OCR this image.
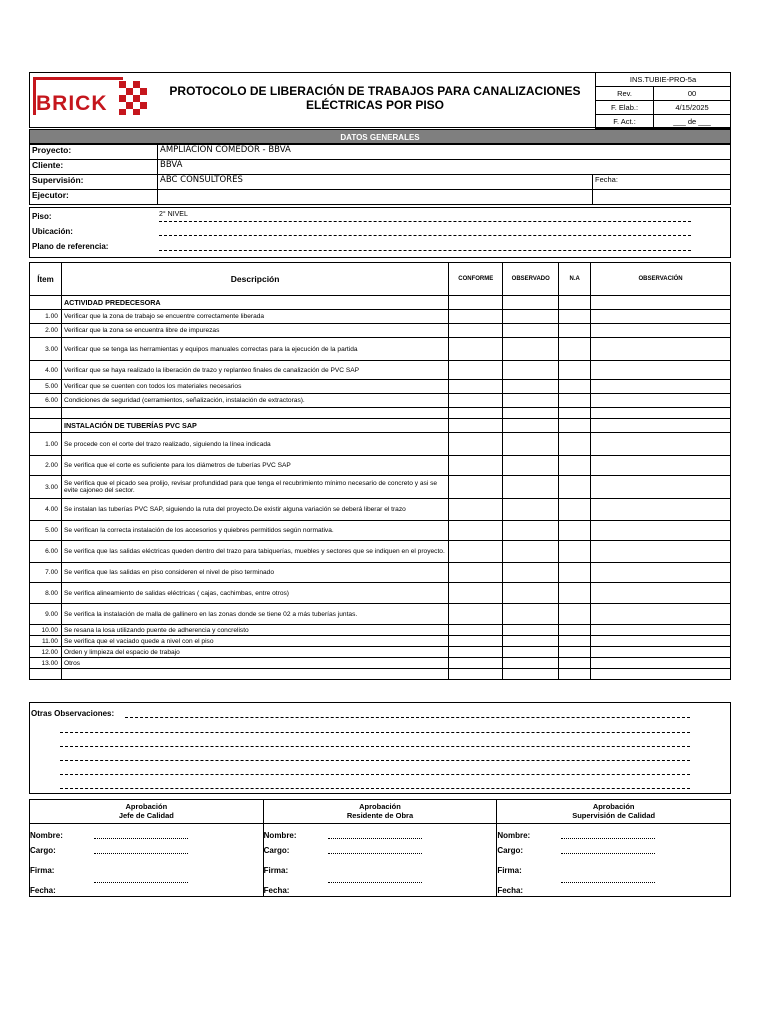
BRICK
PROTOCOLO DE LIBERACIÓN DE TRABAJOS PARA CANALIZACIONES ELÉCTRICAS POR PISO
INS.TUBIE-PRO-5a	
Rev.	00
F. Elab.:	4/15/2025
F. Act.:	___ de ___
DATOS GENERALES
Proyecto:	AMPLIACION COMEDOR - BBVA	
Cliente:	BBVA	
Supervisión:	ABC CONSULTORES	Fecha:
Ejecutor:		
Piso:	2° NIVEL
Ubicación:
Plano de referencia:
Ítem	Descripción	CONFORME	OBSERVADO	N.A	OBSERVACIÓN
	ACTIVIDAD PREDECESORA				
1.00	Verificar que la zona de trabajo se encuentre correctamente liberada				
2.00	Verificar que la zona se encuentra libre de impurezas				
3.00	Verificar que se tenga las herramientas y equipos manuales correctas para la ejecución de la partida				
4.00	Verificar que se haya realizado la liberación de trazo y replanteo finales de canalización de PVC SAP				
5.00	Verificar que se cuenten con todos los materiales necesarios				
6.00	Condiciones de seguridad (cerramientos, señalización, instalación de extractoras).				

	INSTALACIÓN DE TUBERÍAS PVC SAP				
1.00	Se procede con el corte del trazo realizado, siguiendo la línea indicada				
2.00	Se verifica que el corte es suficiente para los diámetros de tuberías PVC SAP				
3.00	Se verifica que el picado sea prolijo, revisar profundidad para que tenga el recubrimiento mínimo necesario de concreto y asi se evite cajoneo del sector.				
4.00	Se instalan las tuberías PVC SAP, siguiendo la ruta del proyecto.De existir alguna variación se deberá liberar el trazo				
5.00	Se verifican la correcta instalación de los accesorios y quiebres permitidos según normativa.				
6.00	Se verifica que las salidas eléctricas queden dentro del trazo para tabiquerías, muebles y sectores que se indiquen en el proyecto.				
7.00	Se verifica que las salidas en piso consideren el nivel de piso terminado				
8.00	Se verifica alineamiento de salidas eléctricas ( cajas, cachimbas, entre otros)				
9.00	Se verifica la instalación de malla de gallinero en las zonas donde se tiene 02 a más tuberías juntas.				
10.00	Se resana la losa utilizando puente de adherencia y concrelisto				
11.00	Se verifica que el vaciado quede a nivel con el piso				
12.00	Orden y limpieza del espacio de trabajo				
13.00	Otros				

Otras Observaciones:
Aprobación
Jefe de Calidad
Nombre:
Cargo:
Firma:
Fecha:

Aprobación
Residente de Obra
Nombre:
Cargo:
Firma:
Fecha:

Aprobación
Supervisión de Calidad
Nombre:
Cargo:
Firma:
Fecha:
